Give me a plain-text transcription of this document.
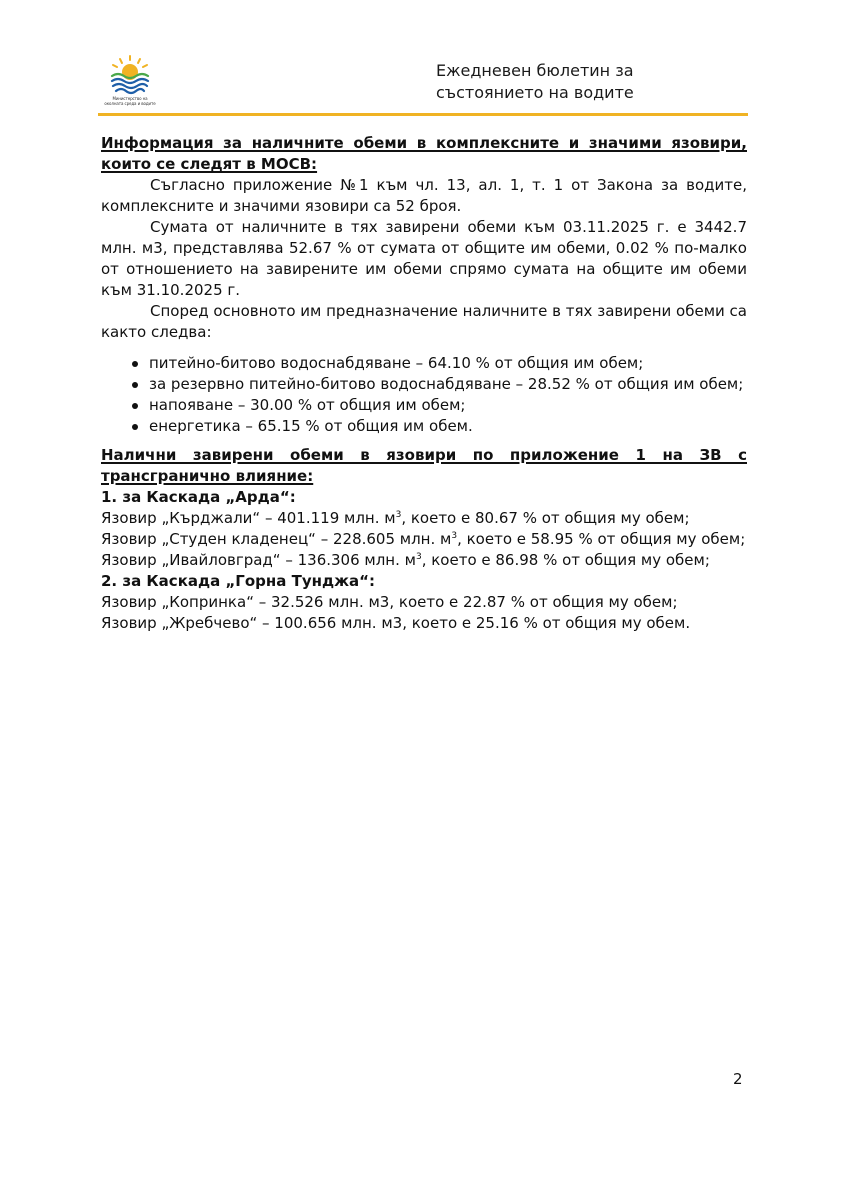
Министерство на
околната среда и водите
Ежедневен бюлетин за
състоянието на водите

Информация за наличните обеми в комплексните и значими язовири, които се следят в МОСВ:

Съгласно приложение №1 към чл. 13, ал. 1, т. 1 от Закона за водите, комплексните и значими язовири са 52 броя.

Сумата от наличните в тях завирени обеми към 03.11.2025 г. е 3442.7 млн. м3, представлява 52.67 % от сумата от общите им обеми, 0.02 % по-малко от отношението на завирените им обеми спрямо сумата на общите им обеми към 31.10.2025 г.

Според основното им предназначение наличните в тях завирени обеми са както следва:

питейно-битово водоснабдяване – 64.10 % от общия им обем;
за резервно питейно-битово водоснабдяване – 28.52 % от общия им обем;
напояване – 30.00 % от общия им обем;
енергетика – 65.15 % от общия им обем.

Налични завирени обеми в язовири по приложение 1 на ЗВ с трансгранично влияние:

1. за Каскада „Арда“:

Язовир „Кърджали“ – 401.119 млн. $м^3$, което е 80.67 % от общия му обем;

Язовир „Студен кладенец“ – 228.605 млн. $м^3$, което е 58.95 % от общия му обем;

Язовир „Ивайловград“ – 136.306 млн. $м^3$, което е 86.98 % от общия му обем;

2. за Каскада „Горна Тунджа“:

Язовир „Копринка“ – 32.526 млн. м3, което е 22.87 % от общия му обем;

Язовир „Жребчево“ – 100.656 млн. м3, което е 25.16 % от общия му обем.

2
